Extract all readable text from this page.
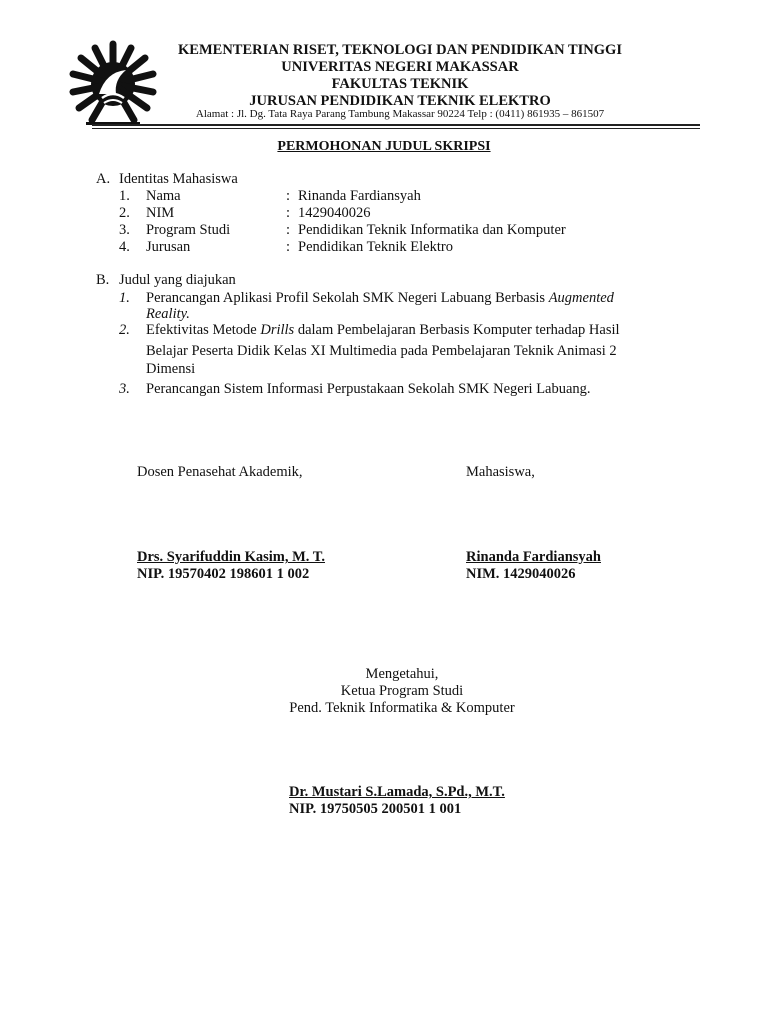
KEMENTERIAN RISET, TEKNOLOGI DAN PENDIDIKAN TINGGI
UNIVERITAS NEGERI MAKASSAR
FAKULTAS TEKNIK
JURUSAN PENDIDIKAN TEKNIK ELEKTRO
Alamat : Jl. Dg. Tata Raya Parang Tambung Makassar 90224 Telp : (0411) 861935 – 861507
PERMOHONAN JUDUL SKRIPSI
A. Identitas Mahasiswa
1. Nama	: Rinanda Fardiansyah
2. NIM	: 1429040026
3. Program Studi	: Pendidikan Teknik Informatika dan Komputer
4. Jurusan	: Pendidikan Teknik Elektro
B. Judul yang diajukan
1. Perancangan Aplikasi Profil Sekolah SMK Negeri Labuang Berbasis Augmented
Reality.
2. Efektivitas Metode Drills dalam Pembelajaran Berbasis Komputer terhadap Hasil
Belajar Peserta Didik Kelas XI Multimedia pada Pembelajaran Teknik Animasi 2
Dimensi
3. Perancangan Sistem Informasi Perpustakaan Sekolah SMK Negeri Labuang.
Dosen Penasehat Akademik,	Mahasiswa,
Drs. Syarifuddin Kasim, M. T.
NIP. 19570402 198601 1 002
Rinanda Fardiansyah
NIM. 1429040026
Mengetahui,
Ketua Program Studi
Pend. Teknik Informatika & Komputer
Dr. Mustari S.Lamada, S.Pd., M.T.
NIP. 19750505 200501 1 001
